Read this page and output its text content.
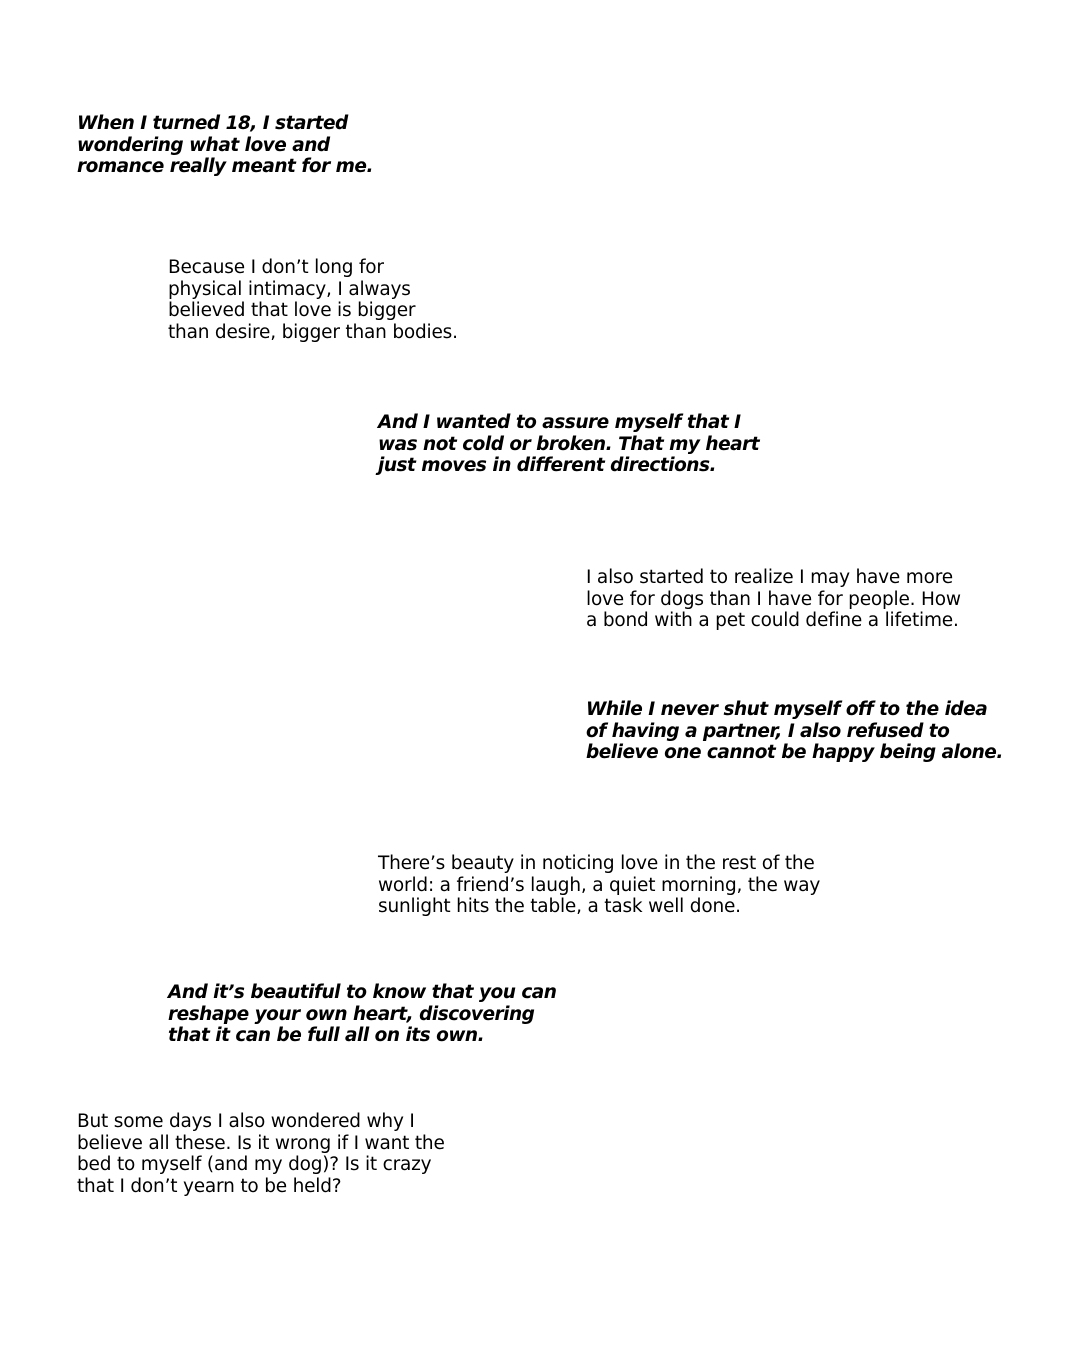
When I turned 18, I started
wondering what love and
romance really meant for me.

Because I don’t long for
physical intimacy, I always
believed that love is bigger
than desire, bigger than bodies.

And I wanted to assure myself that I
was not cold or broken. That my heart
just moves in different directions.

I also started to realize I may have more
love for dogs than I have for people. How
a bond with a pet could define a lifetime.

While I never shut myself off to the idea
of having a partner, I also refused to
believe one cannot be happy being alone.

There’s beauty in noticing love in the rest of the
world: a friend’s laugh, a quiet morning, the way
sunlight hits the table, a task well done.

And it’s beautiful to know that you can
reshape your own heart, discovering
that it can be full all on its own.

But some days I also wondered why I
believe all these. Is it wrong if I want the
bed to myself (and my dog)? Is it crazy
that I don’t yearn to be held?
